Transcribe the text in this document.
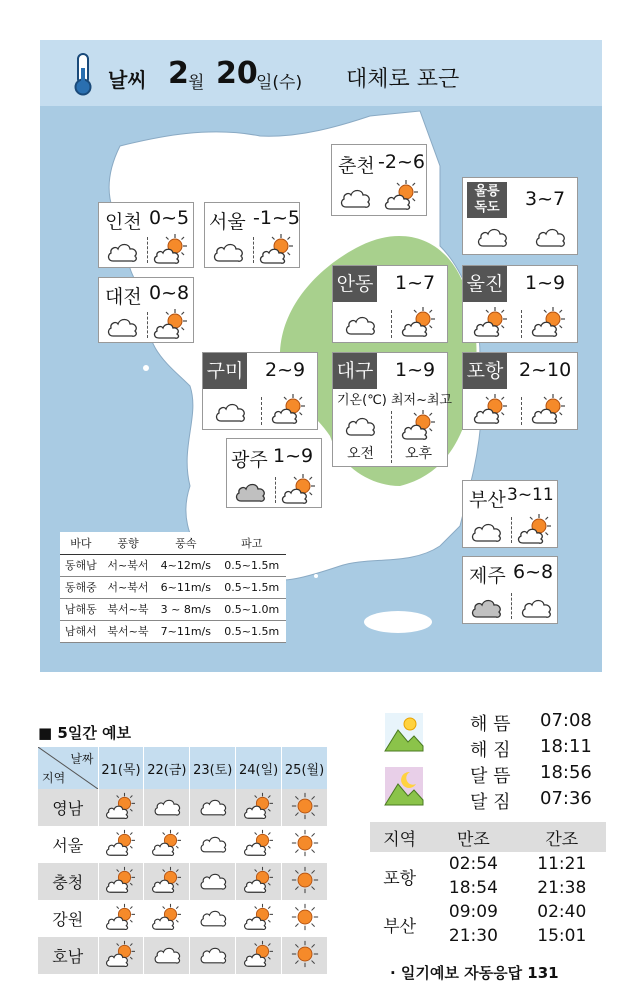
날씨 2 월 20
일(수) 대체로 포근
춘천 -2~6
울릉
독도	3~7
인천 0~5 서울 -1~5
대전 0~8	안동 1~7 울진 1~9
구미 2~9 대구 1~9
기온(℃) 최저~최고
오전 오후
포항 2~10
광주 1~9
부산 3~11
제주 6~8
바다	풍향	풍속	파고
동해남	서~북서	4~12m/s	0.5~1.5m
동해중	서~북서	6~11m/s	0.5~1.5m
남해동	북서~북	3 ~ 8m/s	0.5~1.0m
남해서	북서~북	7~11m/s	0.5~1.5m
■ 5일간 예보
날짜
지역	21(목)	22(금)	23(토)	24(일)	25(월)
영남					
서울					
충청					
강원					
호남					
해 뜸 07:08
해 짐 18:11
달 뜸 18:56
달 짐 07:36
지역	만조	간조
포항	02:54	11:21
	18:54	21:38
부산	09:09	02:40
	21:30	15:01
· 일기예보 자동응답 131
